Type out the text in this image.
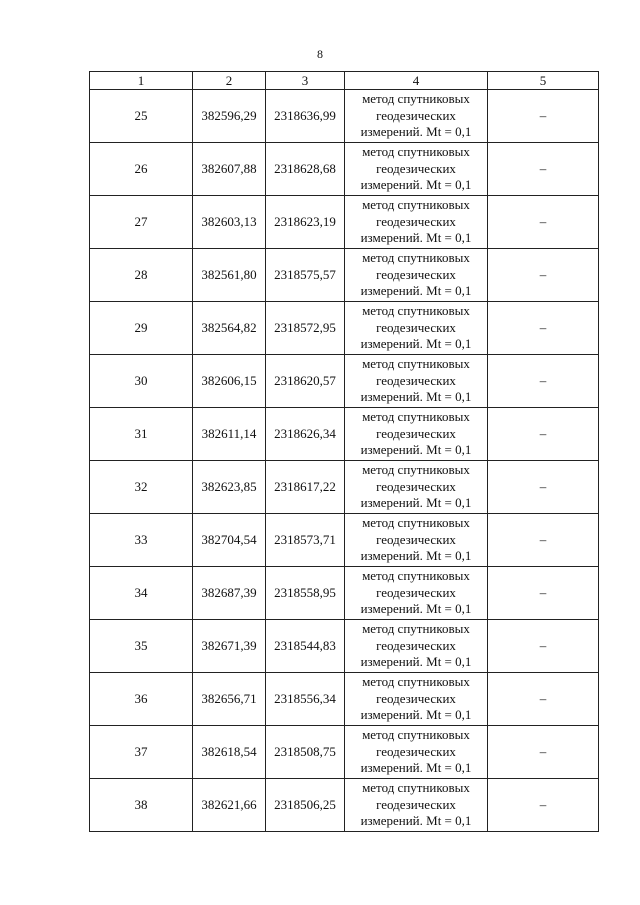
8
1	2	3	4	5
25	382596,29	2318636,99	метод спутниковых геодезических измерений. Mt = 0,1	–
26	382607,88	2318628,68	метод спутниковых геодезических измерений. Mt = 0,1	–
27	382603,13	2318623,19	метод спутниковых геодезических измерений. Mt = 0,1	–
28	382561,80	2318575,57	метод спутниковых геодезических измерений. Mt = 0,1	–
29	382564,82	2318572,95	метод спутниковых геодезических измерений. Mt = 0,1	–
30	382606,15	2318620,57	метод спутниковых геодезических измерений. Mt = 0,1	–
31	382611,14	2318626,34	метод спутниковых геодезических измерений. Mt = 0,1	–
32	382623,85	2318617,22	метод спутниковых геодезических измерений. Mt = 0,1	–
33	382704,54	2318573,71	метод спутниковых геодезических измерений. Mt = 0,1	–
34	382687,39	2318558,95	метод спутниковых геодезических измерений. Mt = 0,1	–
35	382671,39	2318544,83	метод спутниковых геодезических измерений. Mt = 0,1	–
36	382656,71	2318556,34	метод спутниковых геодезических измерений. Mt = 0,1	–
37	382618,54	2318508,75	метод спутниковых геодезических измерений. Mt = 0,1	–
38	382621,66	2318506,25	метод спутниковых геодезических измерений. Mt = 0,1	–
